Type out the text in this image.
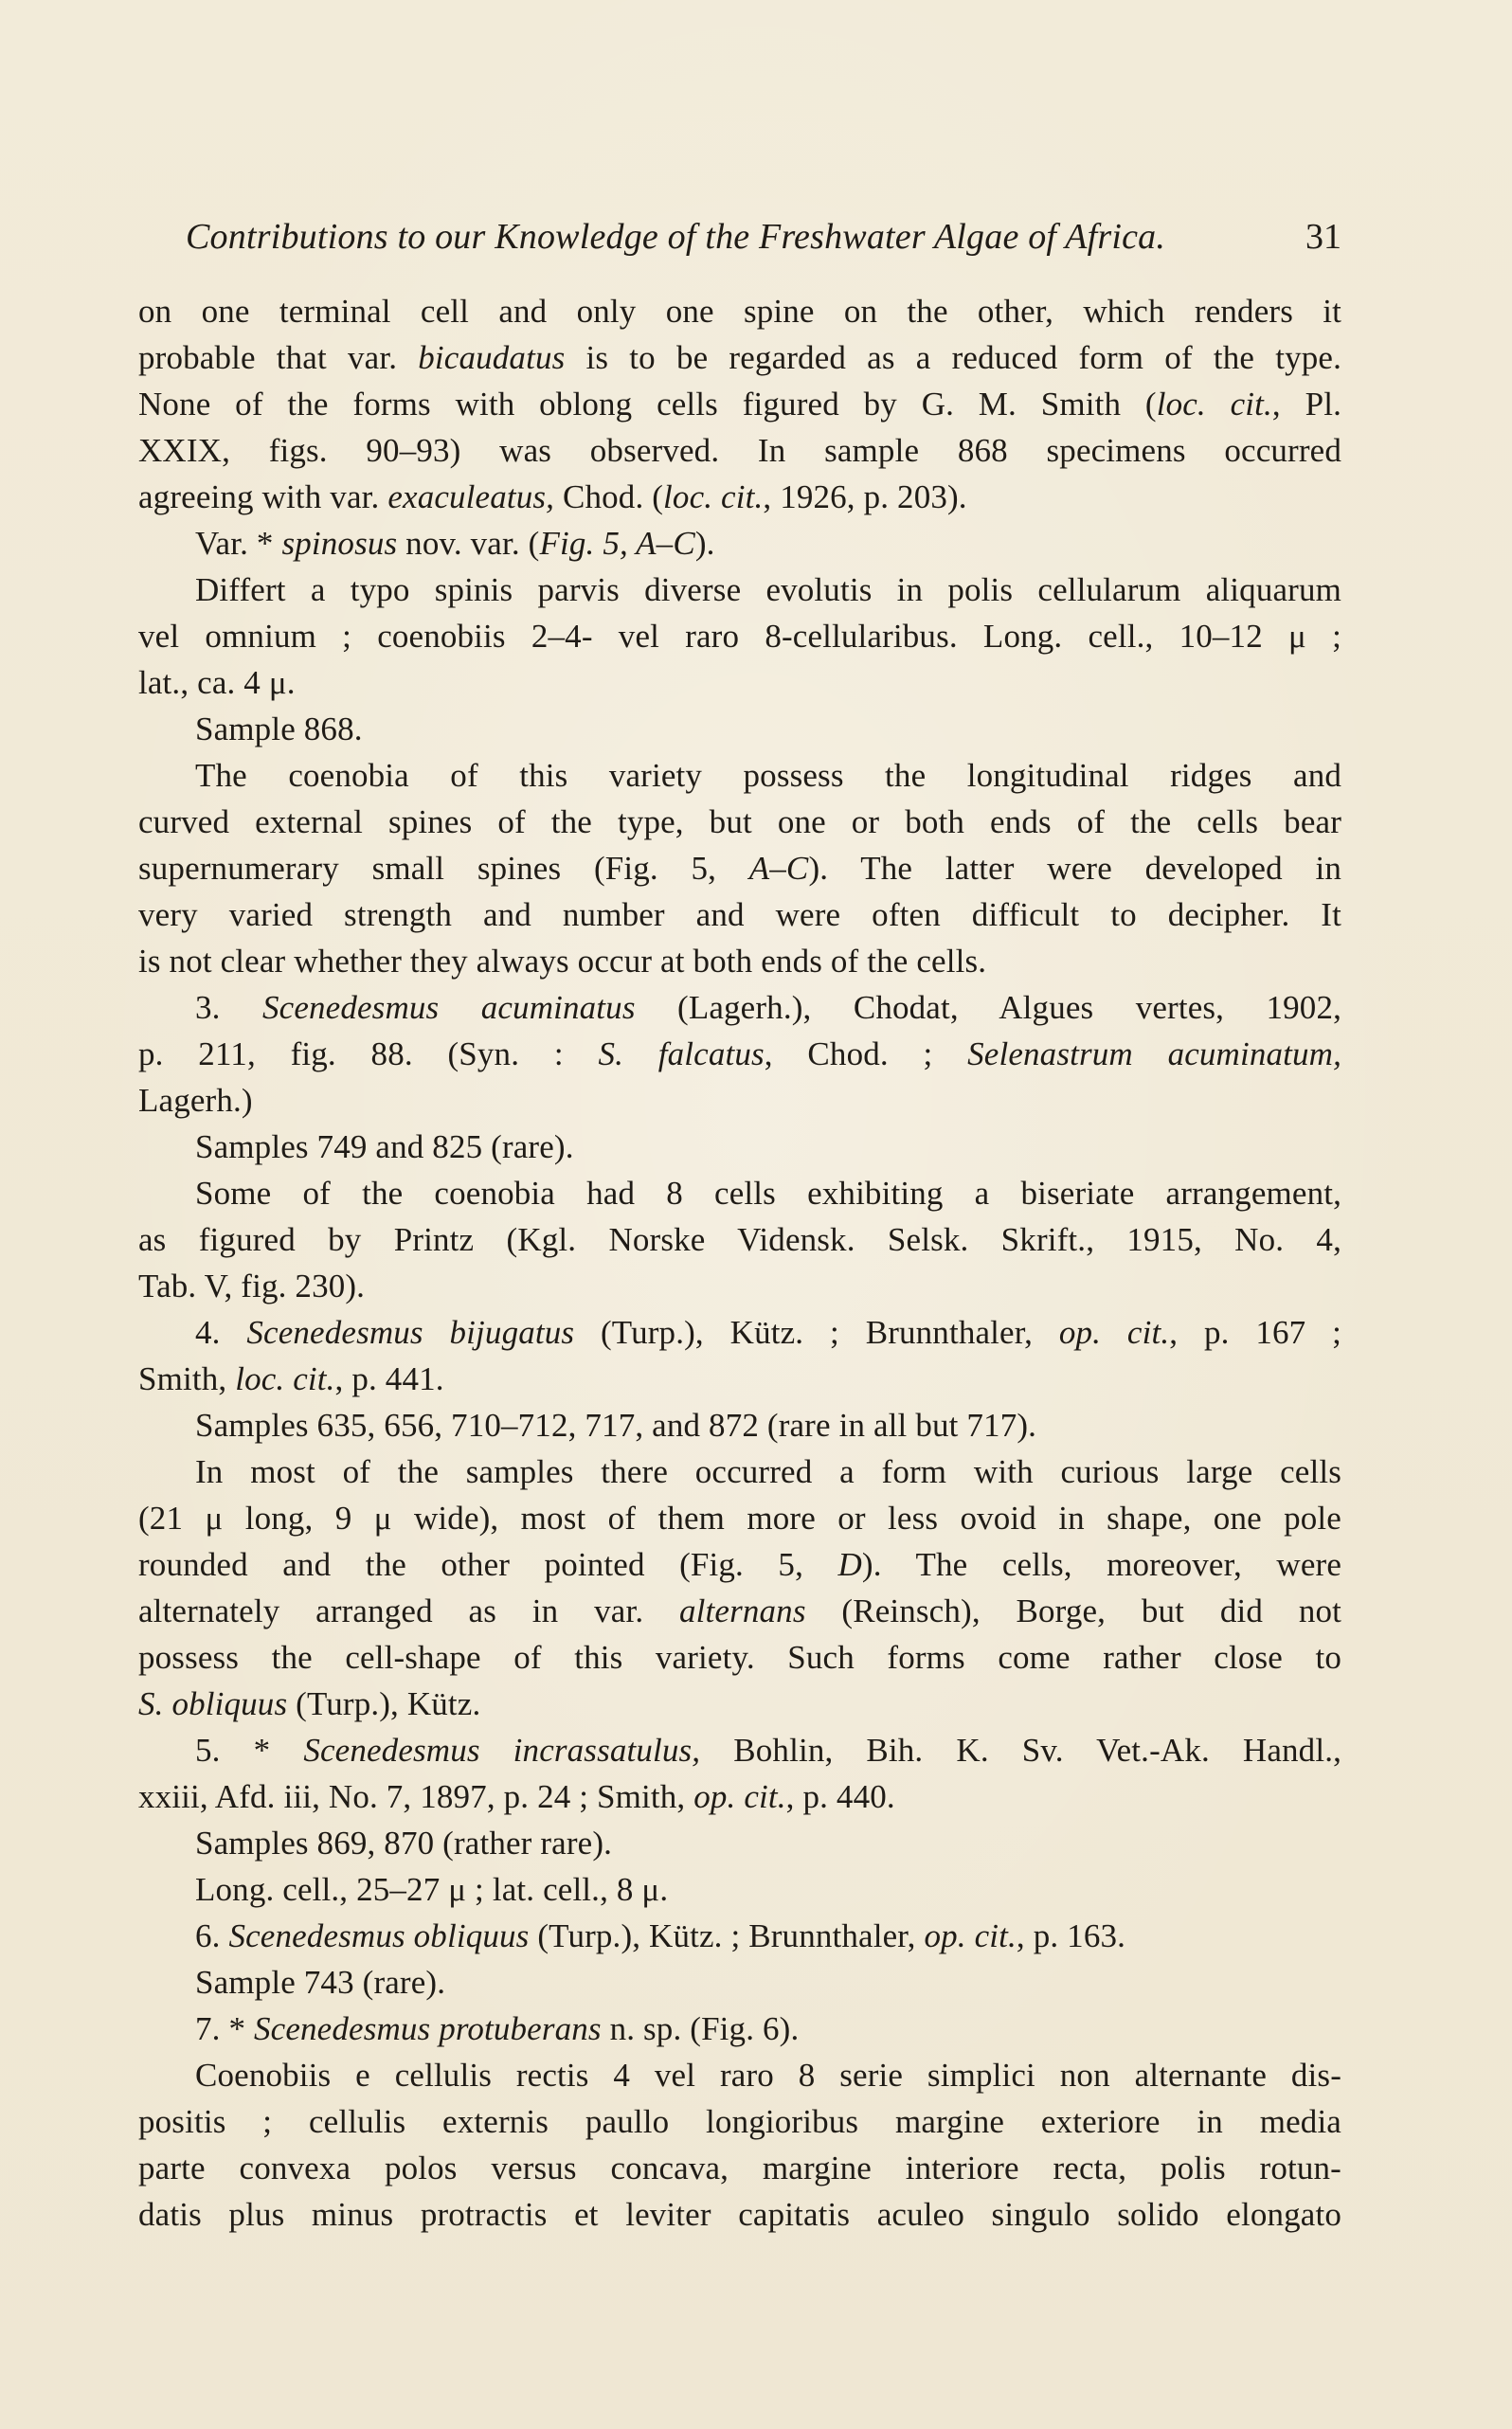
Contributions to our Knowledge of the Freshwater Algae of Africa.	31
on one terminal cell and only one spine on the other, which renders it
probable that var. bicaudatus is to be regarded as a reduced form of the type.
None of the forms with oblong cells figured by G. M. Smith (loc. cit., Pl.
XXIX, figs. 90–93) was observed. In sample 868 specimens occurred
agreeing with var. exaculeatus, Chod. (loc. cit., 1926, p. 203).
Var. * spinosus nov. var. (Fig. 5, A–C).
Differt a typo spinis parvis diverse evolutis in polis cellularum aliquarum
vel omnium ; coenobiis 2–4- vel raro 8-cellularibus. Long. cell., 10–12 μ ;
lat., ca. 4 μ.
Sample 868.
The coenobia of this variety possess the longitudinal ridges and
curved external spines of the type, but one or both ends of the cells bear
supernumerary small spines (Fig. 5, A–C). The latter were developed in
very varied strength and number and were often difficult to decipher. It
is not clear whether they always occur at both ends of the cells.
3. Scenedesmus acuminatus (Lagerh.), Chodat, Algues vertes, 1902,
p. 211, fig. 88. (Syn. : S. falcatus, Chod. ; Selenastrum acuminatum,
Lagerh.)
Samples 749 and 825 (rare).
Some of the coenobia had 8 cells exhibiting a biseriate arrangement,
as figured by Printz (Kgl. Norske Vidensk. Selsk. Skrift., 1915, No. 4,
Tab. V, fig. 230).
4. Scenedesmus bijugatus (Turp.), Kütz. ; Brunnthaler, op. cit., p. 167 ;
Smith, loc. cit., p. 441.
Samples 635, 656, 710–712, 717, and 872 (rare in all but 717).
In most of the samples there occurred a form with curious large cells
(21 μ long, 9 μ wide), most of them more or less ovoid in shape, one pole
rounded and the other pointed (Fig. 5, D). The cells, moreover, were
alternately arranged as in var. alternans (Reinsch), Borge, but did not
possess the cell-shape of this variety. Such forms come rather close to
S. obliquus (Turp.), Kütz.
5. * Scenedesmus incrassatulus, Bohlin, Bih. K. Sv. Vet.-Ak. Handl.,
xxiii, Afd. iii, No. 7, 1897, p. 24 ; Smith, op. cit., p. 440.
Samples 869, 870 (rather rare).
Long. cell., 25–27 μ ; lat. cell., 8 μ.
6. Scenedesmus obliquus (Turp.), Kütz. ; Brunnthaler, op. cit., p. 163.
Sample 743 (rare).
7. * Scenedesmus protuberans n. sp. (Fig. 6).
Coenobiis e cellulis rectis 4 vel raro 8 serie simplici non alternante dis-
positis ; cellulis externis paullo longioribus margine exteriore in media
parte convexa polos versus concava, margine interiore recta, polis rotun-
datis plus minus protractis et leviter capitatis aculeo singulo solido elongato
